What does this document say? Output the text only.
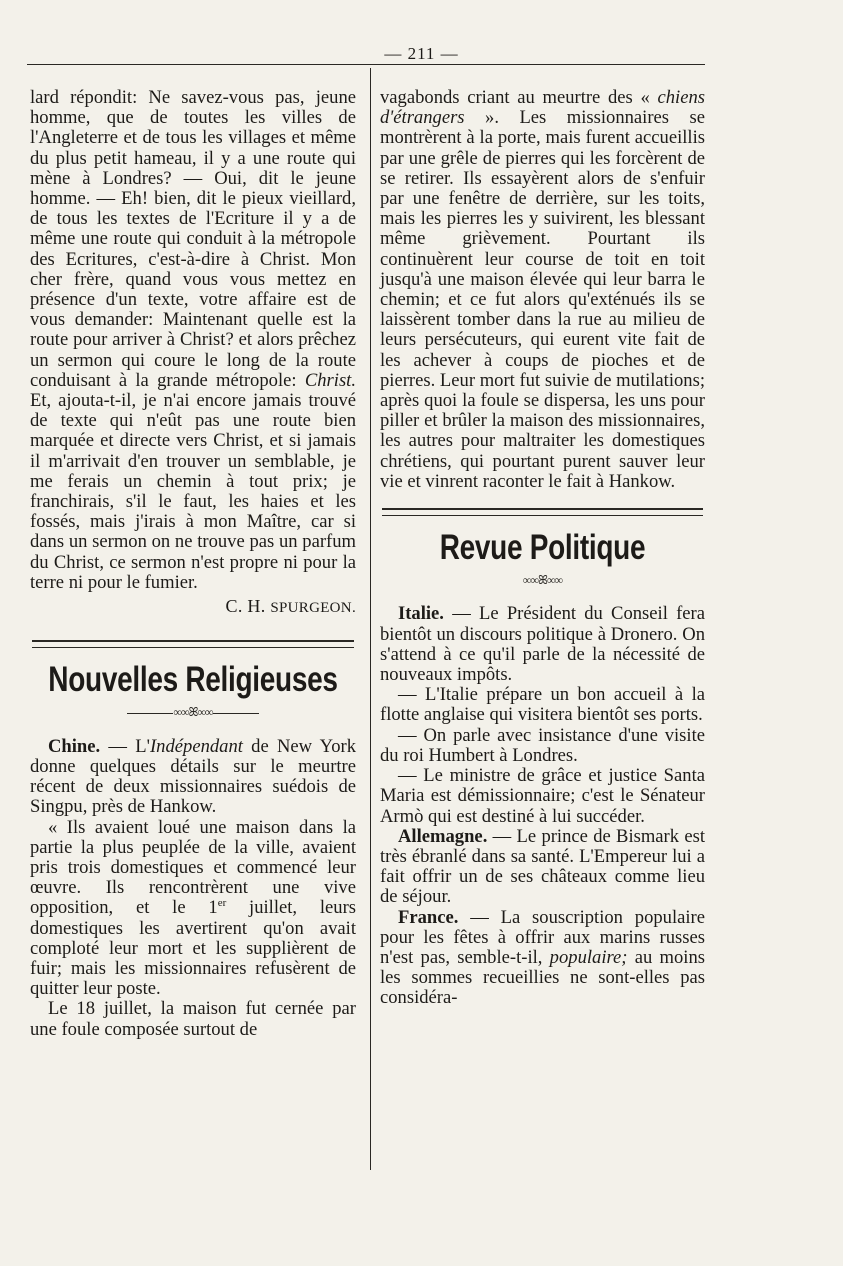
— 211 —

lard répondit: Ne savez-vous pas, jeune homme, que de toutes les villes de l'Angleterre et de tous les villages et même du plus petit hameau, il y a une route qui mène à Londres? — Oui, dit le jeune homme. — Eh! bien, dit le pieux vieillard, de tous les textes de l'Ecriture il y a de même une route qui conduit à la métropole des Ecritures, c'est-à-dire à Christ. Mon cher frère, quand vous vous mettez en présence d'un texte, votre affaire est de vous demander: Maintenant quelle est la route pour arriver à Christ? et alors prêchez un sermon qui coure le long de la route conduisant à la grande métropole: Christ. Et, ajouta-t-il, je n'ai encore jamais trouvé de texte qui n'eût pas une route bien marquée et directe vers Christ, et si jamais il m'arrivait d'en trouver un semblable, je me ferais un chemin à tout prix; je franchirais, s'il le faut, les haies et les fossés, mais j'irais à mon Maître, car si dans un sermon on ne trouve pas un parfum du Christ, ce sermon n'est propre ni pour la terre ni pour le fumier.

C. H. SPURGEON.

Nouvelles Religieuses
∞∞ꕤ∞∞

Chine. — L'Indépendant de New York donne quelques détails sur le meurtre récent de deux missionnaires suédois de Singpu, près de Hankow.

« Ils avaient loué une maison dans la partie la plus peuplée de la ville, avaient pris trois domestiques et commencé leur œuvre. Ils rencontrèrent une vive opposition, et le 1er juillet, leurs domestiques les avertirent qu'on avait comploté leur mort et les supplièrent de fuir; mais les missionnaires refusèrent de quitter leur poste.

Le 18 juillet, la maison fut cernée par une foule composée surtout de

vagabonds criant au meurtre des « chiens d'étrangers ». Les missionnaires se montrèrent à la porte, mais furent accueillis par une grêle de pierres qui les forcèrent de se retirer. Ils essayèrent alors de s'enfuir par une fenêtre de derrière, sur les toits, mais les pierres les y suivirent, les blessant même grièvement. Pourtant ils continuèrent leur course de toit en toit jusqu'à une maison élevée qui leur barra le chemin; et ce fut alors qu'exténués ils se laissèrent tomber dans la rue au milieu de leurs persécuteurs, qui eurent vite fait de les achever à coups de pioches et de pierres. Leur mort fut suivie de mutilations; après quoi la foule se dispersa, les uns pour piller et brûler la maison des missionnaires, les autres pour maltraiter les domestiques chrétiens, qui pourtant purent sauver leur vie et vinrent raconter le fait à Hankow.

Revue Politique
∞∞ꕤ∞∞

Italie. — Le Président du Conseil fera bientôt un discours politique à Dronero. On s'attend à ce qu'il parle de la nécessité de nouveaux impôts.

— L'Italie prépare un bon accueil à la flotte anglaise qui visitera bientôt ses ports.

— On parle avec insistance d'une visite du roi Humbert à Londres.

— Le ministre de grâce et justice Santa Maria est démissionnaire; c'est le Sénateur Armò qui est destiné à lui succéder.

Allemagne. — Le prince de Bismark est très ébranlé dans sa santé. L'Empereur lui a fait offrir un de ses châteaux comme lieu de séjour.

France. — La souscription populaire pour les fêtes à offrir aux marins russes n'est pas, semble-t-il, populaire; au moins les sommes recueillies ne sont-elles pas considéra-
